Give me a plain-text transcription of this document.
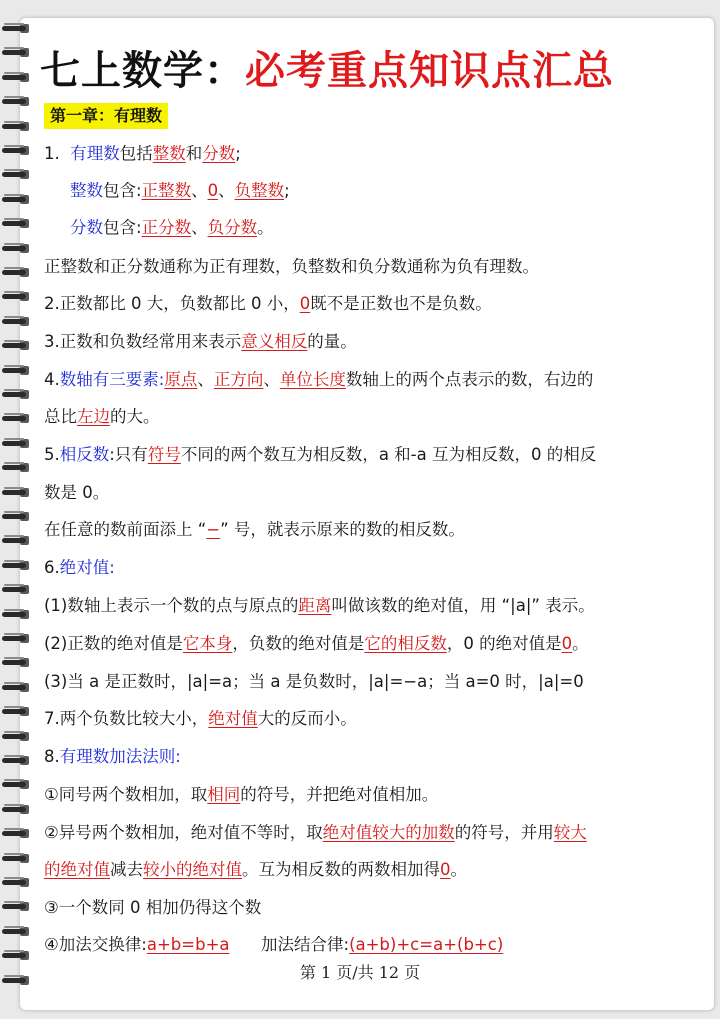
七上数学：必考重点知识点汇总
第一章：有理数
1. 有理数包括整数和分数;
整数包含:正整数、0、负整数;
分数包含:正分数、负分数。
正整数和正分数通称为正有理数，负整数和负分数通称为负有理数。
2.正数都比 0 大，负数都比 0 小，0既不是正数也不是负数。
3.正数和负数经常用来表示意义相反的量。
4.数轴有三要素:原点、正方向、单位长度数轴上的两个点表示的数，右边的
总比左边的大。
5.相反数:只有符号不同的两个数互为相反数，a 和-a 互为相反数，0 的相反
数是 0。
在任意的数前面添上 “−” 号，就表示原来的数的相反数。
6.绝对值:
(1)数轴上表示一个数的点与原点的距离叫做该数的绝对值，用 “|a|” 表示。
(2)正数的绝对值是它本身，负数的绝对值是它的相反数，0 的绝对值是0。
(3)当 a 是正数时，|a|=a；当 a 是负数时，|a|=−a；当 a=0 时，|a|=0
7.两个负数比较大小，绝对值大的反而小。
8.有理数加法法则:
①同号两个数相加，取相同的符号，并把绝对值相加。
②异号两个数相加，绝对值不等时，取绝对值较大的加数的符号，并用较大
的绝对值减去较小的绝对值。互为相反数的两数相加得0。
③一个数同 0 相加仍得这个数
④加法交换律:a+b=b+a 加法结合律:(a+b)+c=a+(b+c)
第 1 页/共 12 页
